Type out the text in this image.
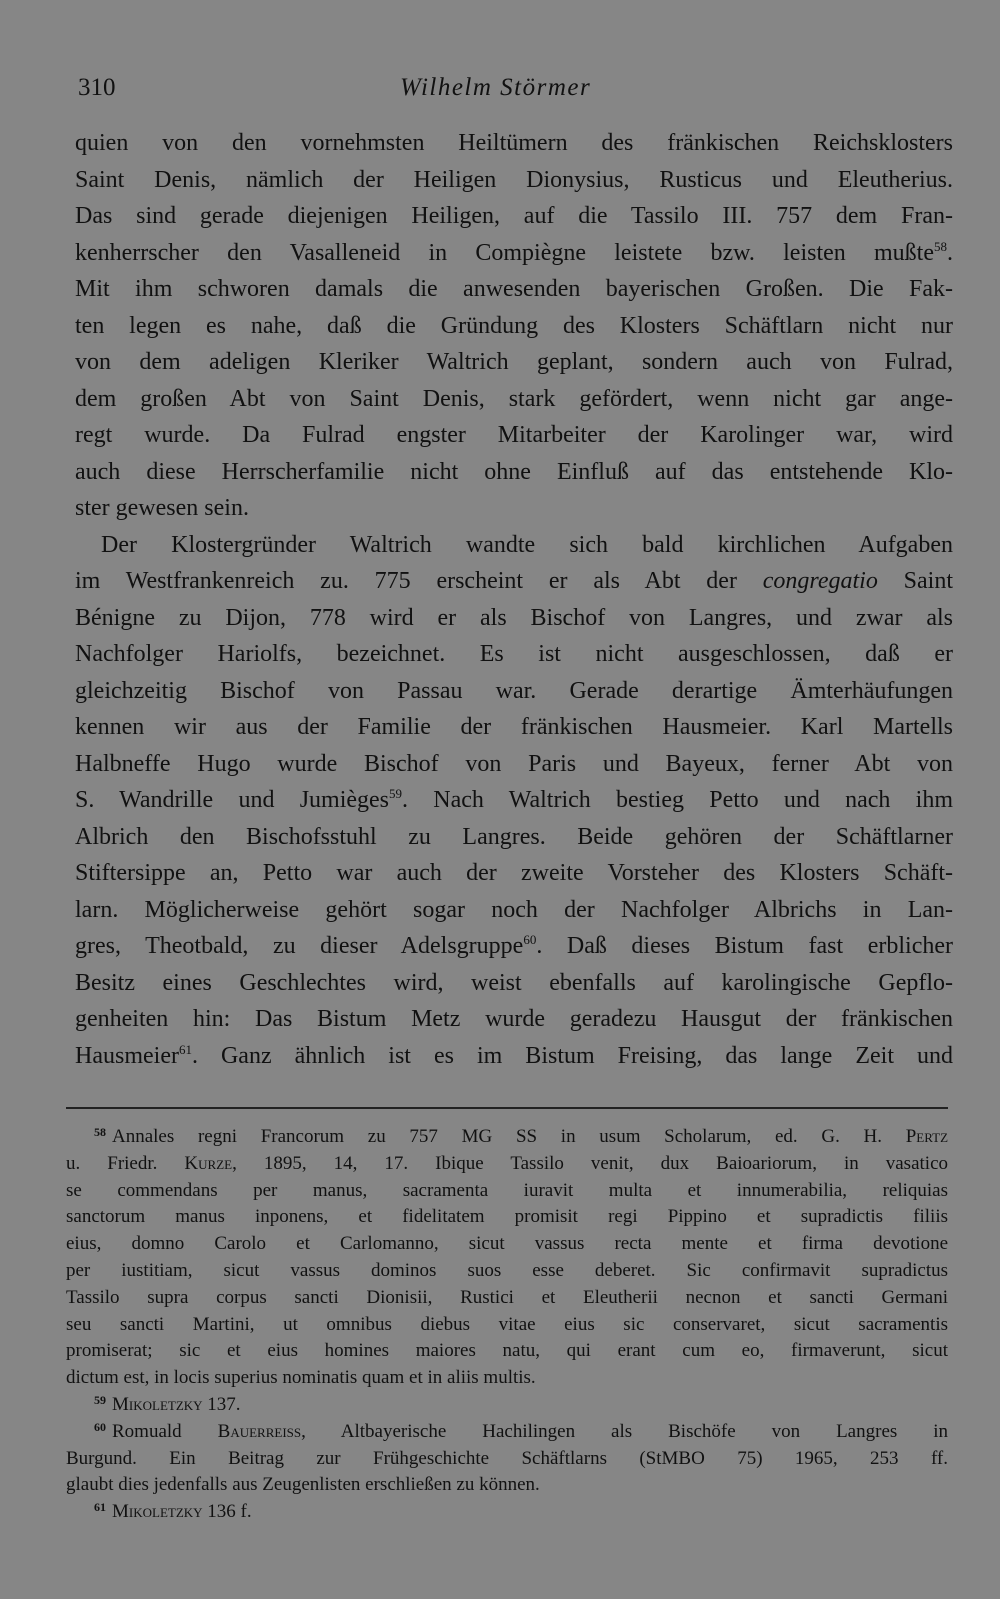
310	Wilhelm Störmer
quien von den vornehmsten Heiltümern des fränkischen Reichsklosters
Saint Denis, nämlich der Heiligen Dionysius, Rusticus und Eleutherius.
Das sind gerade diejenigen Heiligen, auf die Tassilo III. 757 dem Fran-
kenherrscher den Vasalleneid in Compiègne leistete bzw. leisten mußte$^{58}$.
Mit ihm schworen damals die anwesenden bayerischen Großen. Die Fak-
ten legen es nahe, daß die Gründung des Klosters Schäftlarn nicht nur
von dem adeligen Kleriker Waltrich geplant, sondern auch von Fulrad,
dem großen Abt von Saint Denis, stark gefördert, wenn nicht gar ange-
regt wurde. Da Fulrad engster Mitarbeiter der Karolinger war, wird
auch diese Herrscherfamilie nicht ohne Einfluß auf das entstehende Klo-
ster gewesen sein.
Der Klostergründer Waltrich wandte sich bald kirchlichen Aufgaben
im Westfrankenreich zu. 775 erscheint er als Abt der congregatio Saint
Bénigne zu Dijon, 778 wird er als Bischof von Langres, und zwar als
Nachfolger Hariolfs, bezeichnet. Es ist nicht ausgeschlossen, daß er
gleichzeitig Bischof von Passau war. Gerade derartige Ämterhäufungen
kennen wir aus der Familie der fränkischen Hausmeier. Karl Martells
Halbneffe Hugo wurde Bischof von Paris und Bayeux, ferner Abt von
S. Wandrille und Jumièges$^{59}$. Nach Waltrich bestieg Petto und nach ihm
Albrich den Bischofsstuhl zu Langres. Beide gehören der Schäftlarner
Stiftersippe an, Petto war auch der zweite Vorsteher des Klosters Schäft-
larn. Möglicherweise gehört sogar noch der Nachfolger Albrichs in Lan-
gres, Theotbald, zu dieser Adelsgruppe$^{60}$. Daß dieses Bistum fast erblicher
Besitz eines Geschlechtes wird, weist ebenfalls auf karolingische Gepflo-
genheiten hin: Das Bistum Metz wurde geradezu Hausgut der fränkischen
Hausmeier$^{61}$. Ganz ähnlich ist es im Bistum Freising, das lange Zeit und
$^{58}$ Annales regni Francorum zu 757 MG SS in usum Scholarum, ed. G. H. Pertz
u. Friedr. Kurze, 1895, 14, 17. Ibique Tassilo venit, dux Baioariorum, in vasatico
se commendans per manus, sacramenta iuravit multa et innumerabilia, reliquias
sanctorum manus inponens, et fidelitatem promisit regi Pippino et supradictis filiis
eius, domno Carolo et Carlomanno, sicut vassus recta mente et firma devotione
per iustitiam, sicut vassus dominos suos esse deberet. Sic confirmavit supradictus
Tassilo supra corpus sancti Dionisii, Rustici et Eleutherii necnon et sancti Germani
seu sancti Martini, ut omnibus diebus vitae eius sic conservaret, sicut sacramentis
promiserat; sic et eius homines maiores natu, qui erant cum eo, firmaverunt, sicut
dictum est, in locis superius nominatis quam et in aliis multis.
$^{59}$ Mikoletzky 137.
$^{60}$ Romuald Bauerreiss, Altbayerische Hachilingen als Bischöfe von Langres in
Burgund. Ein Beitrag zur Frühgeschichte Schäftlarns (StMBO 75) 1965, 253 ff.
glaubt dies jedenfalls aus Zeugenlisten erschließen zu können.
$^{61}$ Mikoletzky 136 f.
